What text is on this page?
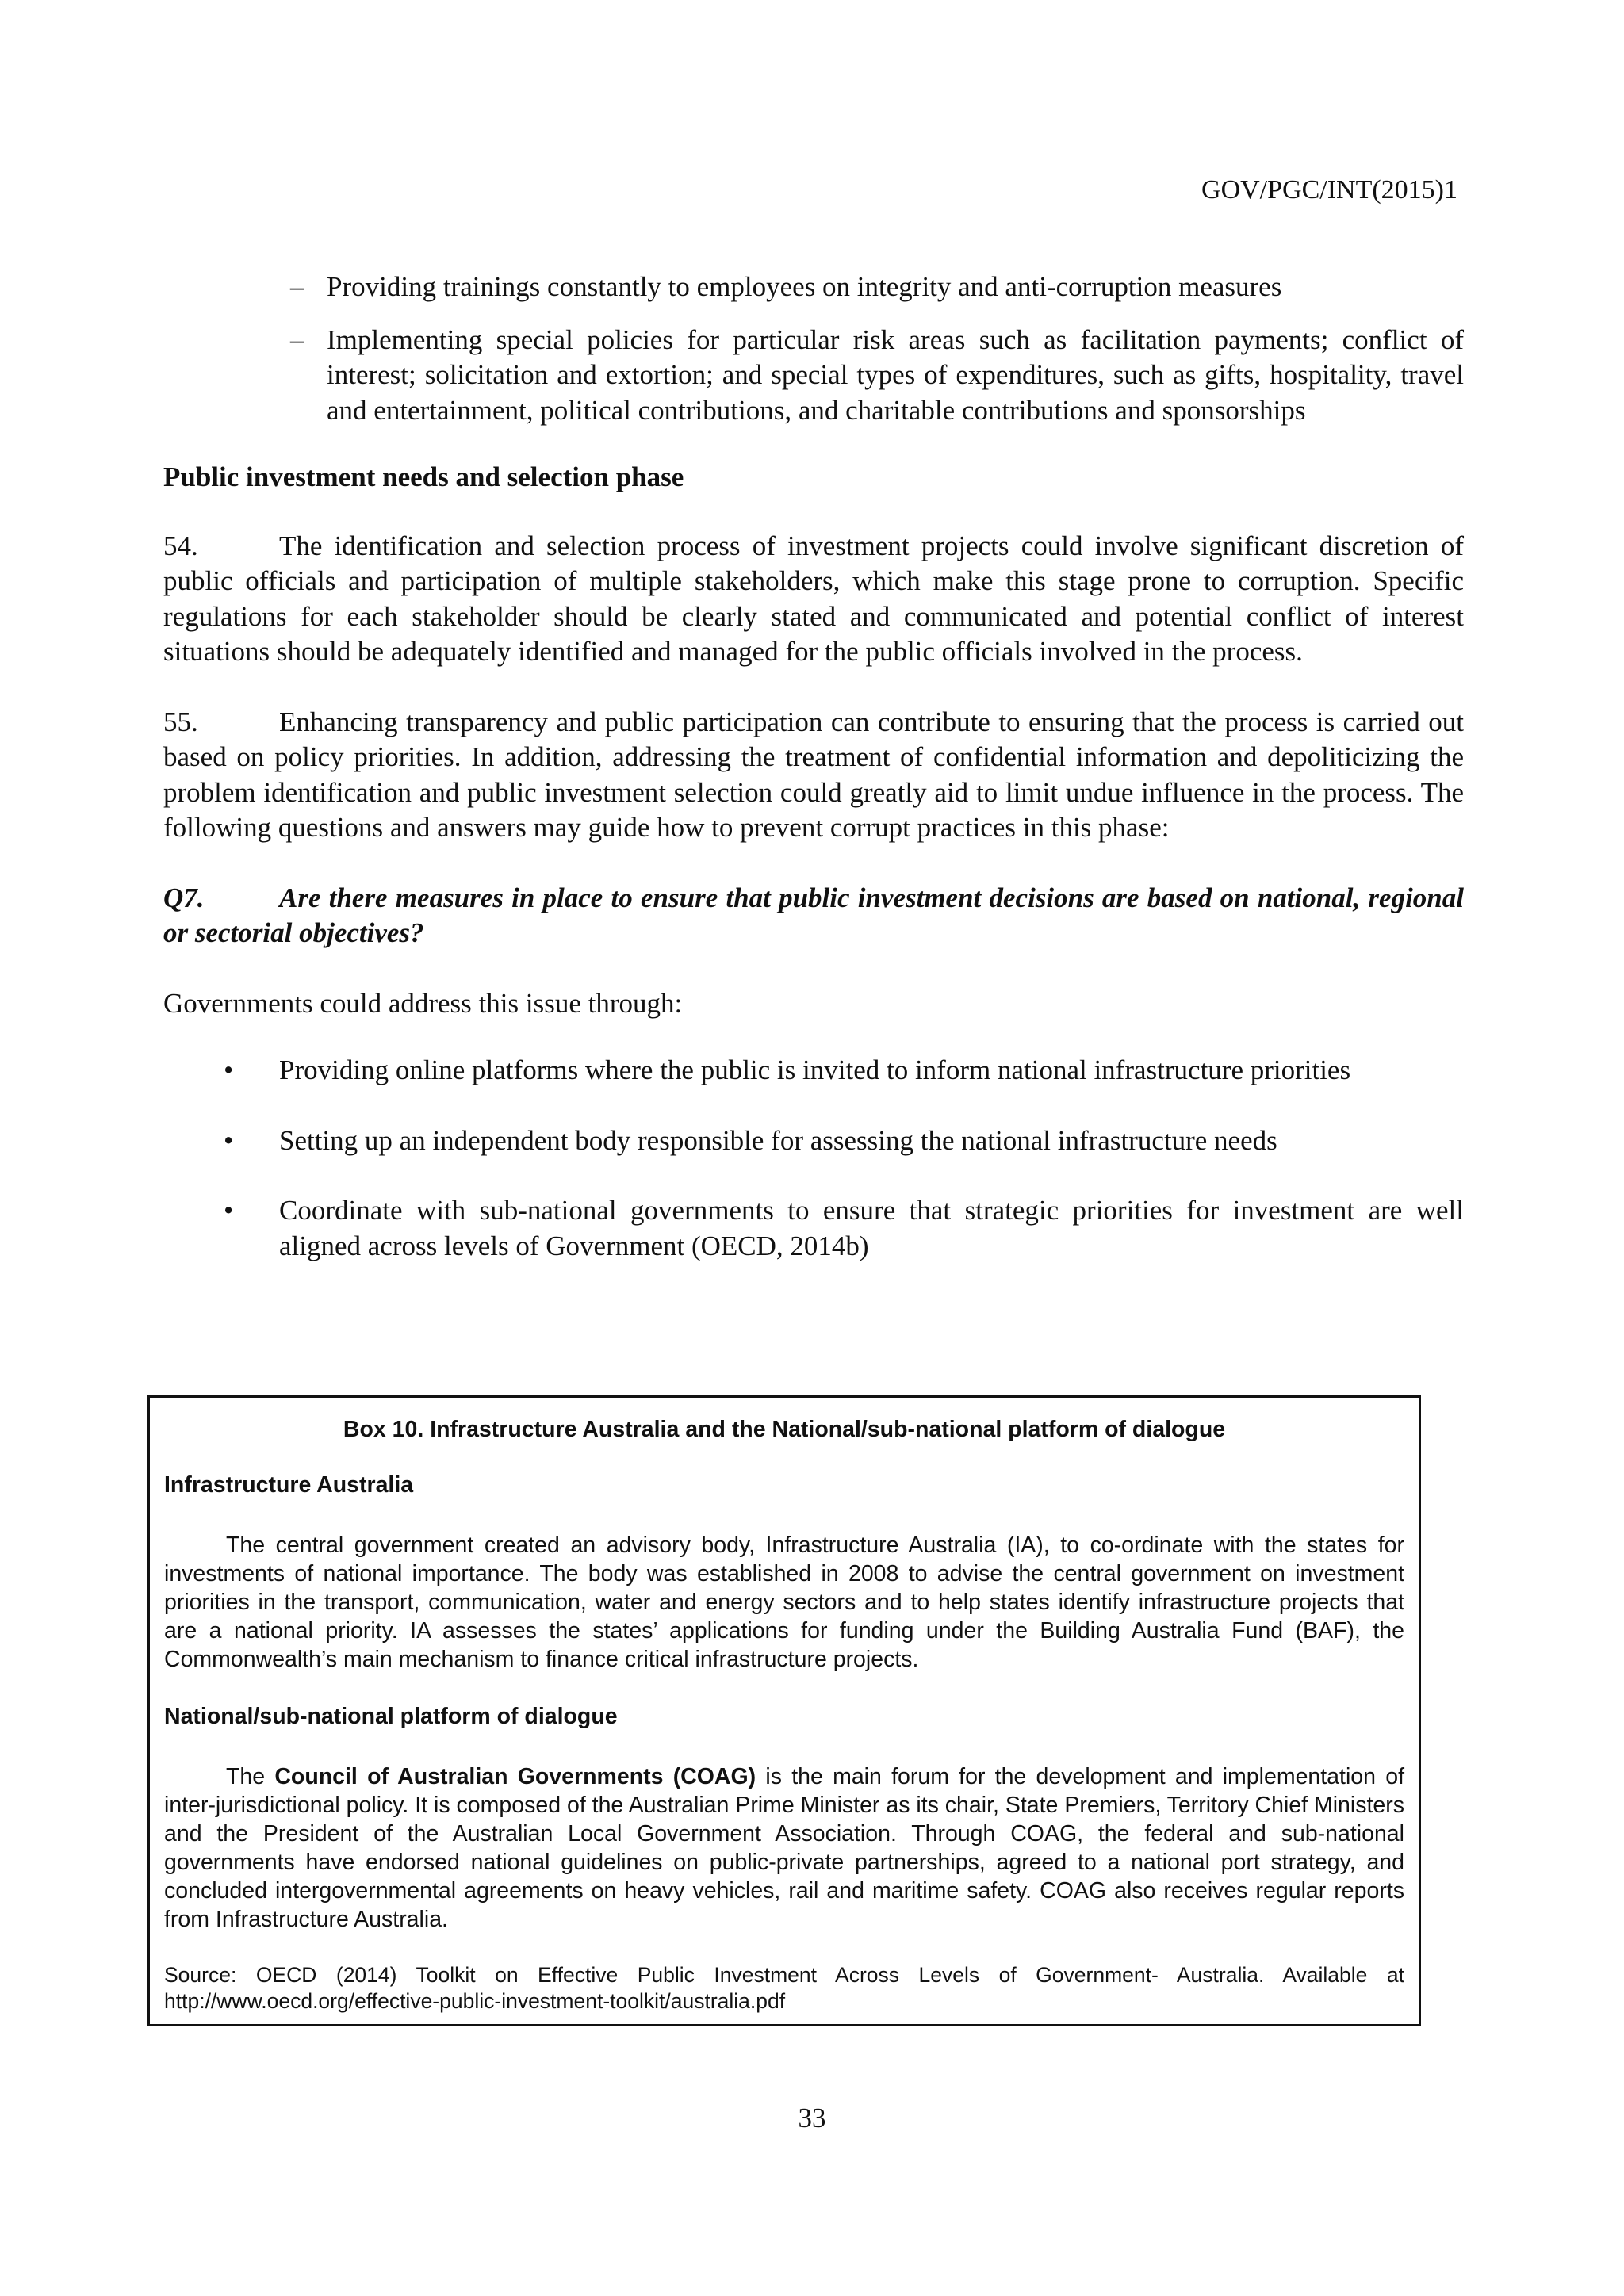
GOV/PGC/INT(2015)1
– Providing trainings constantly to employees on integrity and anti-corruption measures
– Implementing special policies for particular risk areas such as facilitation payments; conflict of interest; solicitation and extortion; and special types of expenditures, such as gifts, hospitality, travel and entertainment, political contributions, and charitable contributions and sponsorships

Public investment needs and selection phase

54.	The identification and selection process of investment projects could involve significant discretion of public officials and participation of multiple stakeholders, which make this stage prone to corruption. Specific regulations for each stakeholder should be clearly stated and communicated and potential conflict of interest situations should be adequately identified and managed for the public officials involved in the process.

55.	Enhancing transparency and public participation can contribute to ensuring that the process is carried out based on policy priorities. In addition, addressing the treatment of confidential information and depoliticizing the problem identification and public investment selection could greatly aid to limit undue influence in the process. The following questions and answers may guide how to prevent corrupt practices in this phase:

Q7.	Are there measures in place to ensure that public investment decisions are based on national, regional or sectorial objectives?

Governments could address this issue through:

• Providing online platforms where the public is invited to inform national infrastructure priorities
• Setting up an independent body responsible for assessing the national infrastructure needs
• Coordinate with sub-national governments to ensure that strategic priorities for investment are well aligned across levels of Government (OECD, 2014b)

Box 10. Infrastructure Australia and the National/sub-national platform of dialogue

Infrastructure Australia

The central government created an advisory body, Infrastructure Australia (IA), to co-ordinate with the states for investments of national importance. The body was established in 2008 to advise the central government on investment priorities in the transport, communication, water and energy sectors and to help states identify infrastructure projects that are a national priority. IA assesses the states’ applications for funding under the Building Australia Fund (BAF), the Commonwealth’s main mechanism to finance critical infrastructure projects.

National/sub-national platform of dialogue

The Council of Australian Governments (COAG) is the main forum for the development and implementation of inter-jurisdictional policy. It is composed of the Australian Prime Minister as its chair, State Premiers, Territory Chief Ministers and the President of the Australian Local Government Association. Through COAG, the federal and sub-national governments have endorsed national guidelines on public-private partnerships, agreed to a national port strategy, and concluded intergovernmental agreements on heavy vehicles, rail and maritime safety. COAG also receives regular reports from Infrastructure Australia.

Source: OECD (2014) Toolkit on Effective Public Investment Across Levels of Government- Australia. Available at http://www.oecd.org/effective-public-investment-toolkit/australia.pdf

33
